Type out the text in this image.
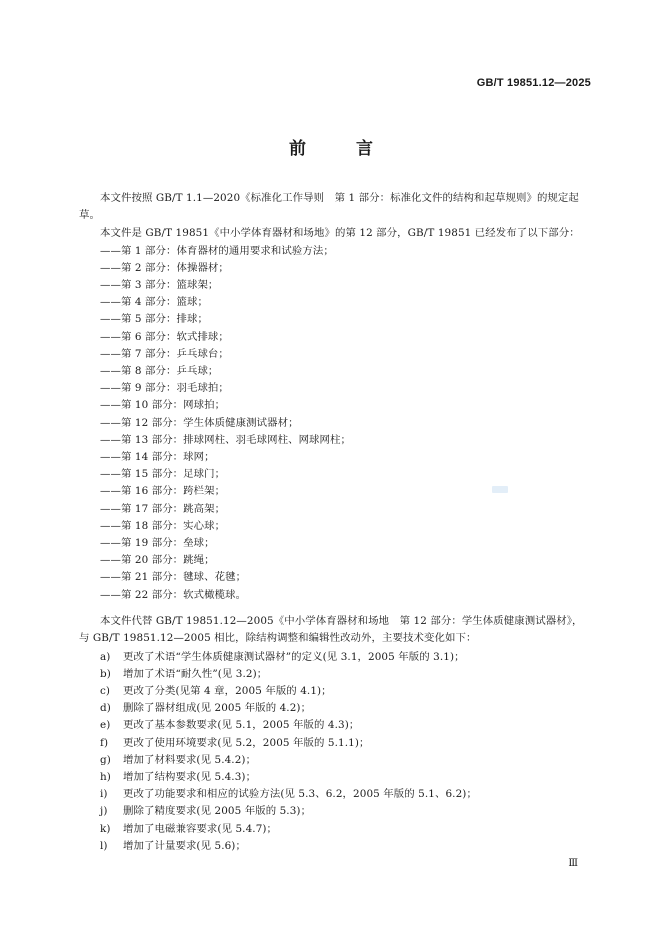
GB/T 19851.12—2025
前 言
本文件按照 GB/T 1.1—2020《标准化工作导则　第 1 部分：标准化文件的结构和起草规则》的规定起草。
本文件是 GB/T 19851《中小学体育器材和场地》的第 12 部分，GB/T 19851 已经发布了以下部分：
——第 1 部分：体育器材的通用要求和试验方法；
——第 2 部分：体操器材；
——第 3 部分：篮球架；
——第 4 部分：篮球；
——第 5 部分：排球；
——第 6 部分：软式排球；
——第 7 部分：乒乓球台；
——第 8 部分：乒乓球；
——第 9 部分：羽毛球拍；
——第 10 部分：网球拍；
——第 12 部分：学生体质健康测试器材；
——第 13 部分：排球网柱、羽毛球网柱、网球网柱；
——第 14 部分：球网；
——第 15 部分：足球门；
——第 16 部分：跨栏架；
——第 17 部分：跳高架；
——第 18 部分：实心球；
——第 19 部分：垒球；
——第 20 部分：跳绳；
——第 21 部分：毽球、花毽；
——第 22 部分：软式橄榄球。
本文件代替 GB/T 19851.12—2005《中小学体育器材和场地　第 12 部分：学生体质健康测试器材》，与 GB/T 19851.12—2005 相比，除结构调整和编辑性改动外，主要技术变化如下：
a) 更改了术语“学生体质健康测试器材”的定义(见 3.1，2005 年版的 3.1)；
b) 增加了术语“耐久性”(见 3.2)；
c) 更改了分类(见第 4 章，2005 年版的 4.1)；
d) 删除了器材组成(见 2005 年版的 4.2)；
e) 更改了基本参数要求(见 5.1，2005 年版的 4.3)；
f) 更改了使用环境要求(见 5.2，2005 年版的 5.1.1)；
g) 增加了材料要求(见 5.4.2)；
h) 增加了结构要求(见 5.4.3)；
i) 更改了功能要求和相应的试验方法(见 5.3、6.2，2005 年版的 5.1、6.2)；
j) 删除了精度要求(见 2005 年版的 5.3)；
k) 增加了电磁兼容要求(见 5.4.7)；
l) 增加了计量要求(见 5.6)；
Ⅲ
